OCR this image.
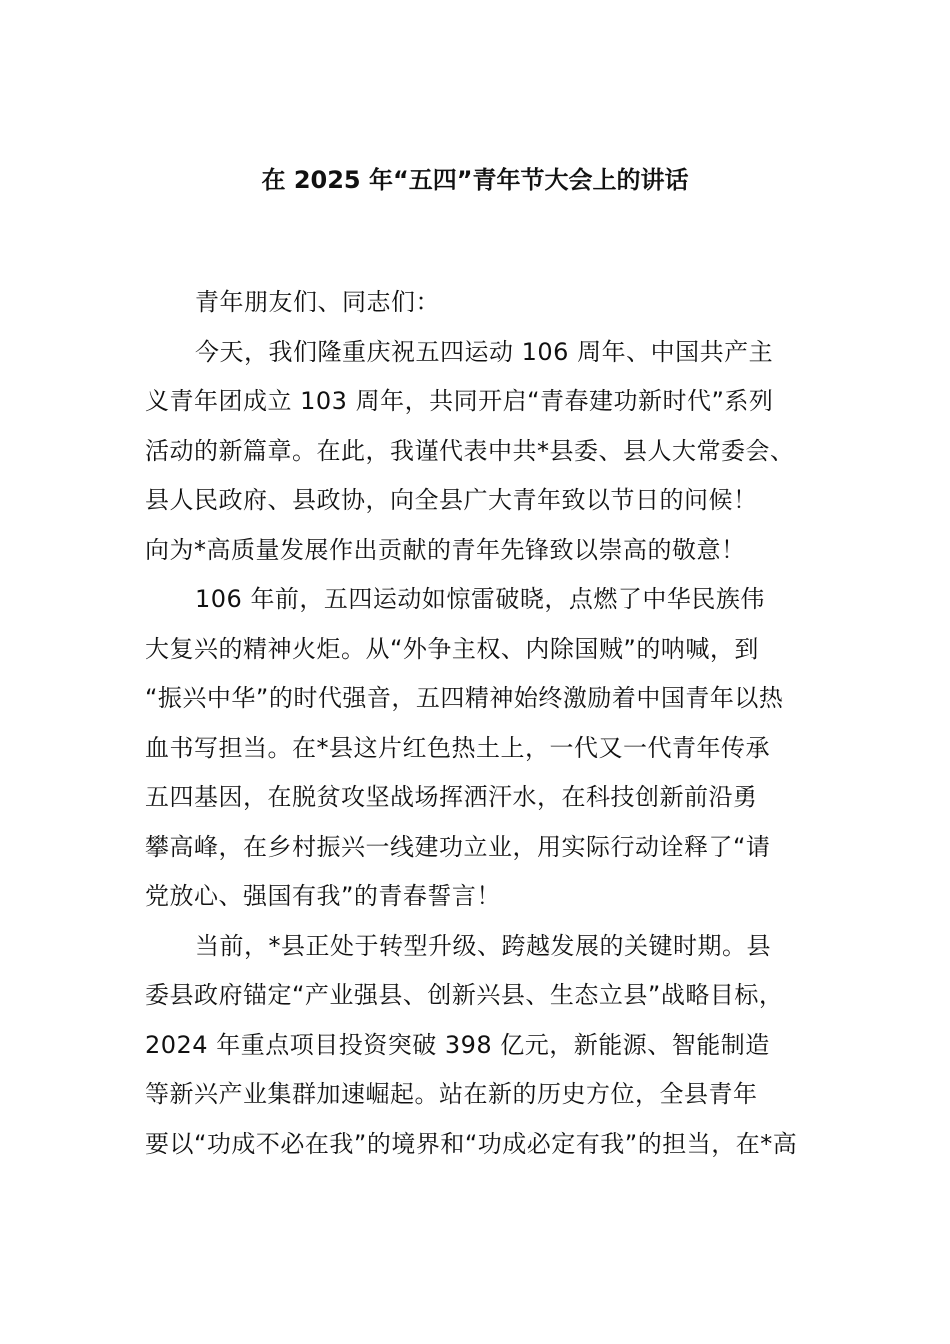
在 2025 年“五四”青年节大会上的讲话
青年朋友们、同志们：
今天，我们隆重庆祝五四运动 106 周年、中国共产主
义青年团成立 103 周年，共同开启“青春建功新时代”系列
活动的新篇章。在此，我谨代表中共*县委、县人大常委会、
县人民政府、县政协，向全县广大青年致以节日的问候！
向为*高质量发展作出贡献的青年先锋致以崇高的敬意！
106 年前，五四运动如惊雷破晓，点燃了中华民族伟
大复兴的精神火炬。从“外争主权、内除国贼”的呐喊，到
“振兴中华”的时代强音，五四精神始终激励着中国青年以热
血书写担当。在*县这片红色热土上，一代又一代青年传承
五四基因，在脱贫攻坚战场挥洒汗水，在科技创新前沿勇
攀高峰，在乡村振兴一线建功立业，用实际行动诠释了“请
党放心、强国有我”的青春誓言！
当前，*县正处于转型升级、跨越发展的关键时期。县
委县政府锚定“产业强县、创新兴县、生态立县”战略目标，
2024 年重点项目投资突破 398 亿元，新能源、智能制造
等新兴产业集群加速崛起。站在新的历史方位，全县青年
要以“功成不必在我”的境界和“功成必定有我”的担当，在*高
